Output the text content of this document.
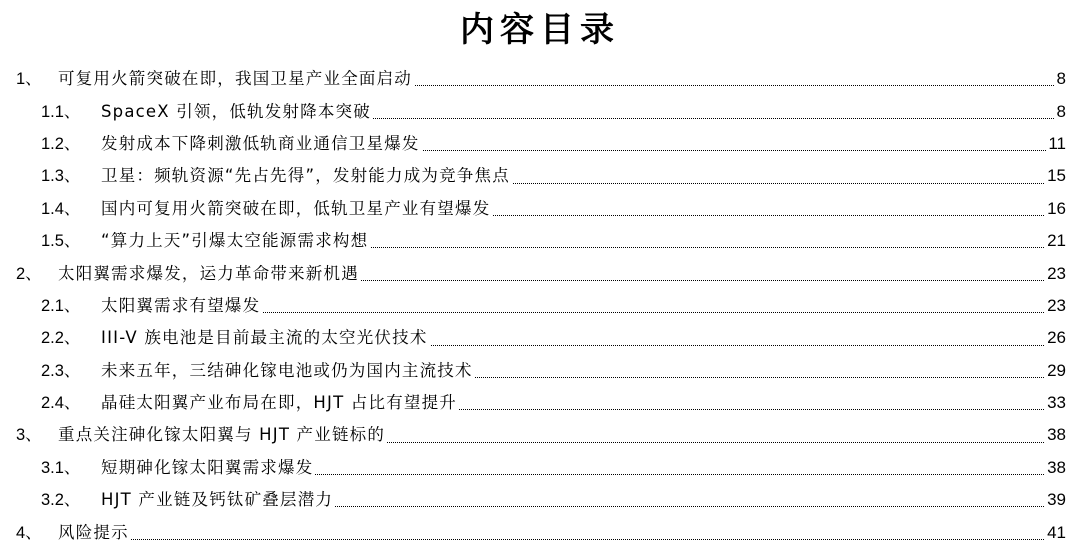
内容目录
1、 可复用火箭突破在即，我国卫星产业全面启动	8
1.1、 SpaceX 引领，低轨发射降本突破	8
1.2、 发射成本下降刺激低轨商业通信卫星爆发	11
1.3、 卫星：频轨资源“先占先得”，发射能力成为竞争焦点	15
1.4、 国内可复用火箭突破在即，低轨卫星产业有望爆发	16
1.5、 “算力上天”引爆太空能源需求构想	21
2、 太阳翼需求爆发，运力革命带来新机遇	23
2.1、 太阳翼需求有望爆发	23
2.2、 III-V 族电池是目前最主流的太空光伏技术	26
2.3、 未来五年，三结砷化镓电池或仍为国内主流技术	29
2.4、 晶硅太阳翼产业布局在即，HJT 占比有望提升	33
3、 重点关注砷化镓太阳翼与 HJT 产业链标的	38
3.1、 短期砷化镓太阳翼需求爆发	38
3.2、 HJT 产业链及钙钛矿叠层潜力	39
4、 风险提示	41
